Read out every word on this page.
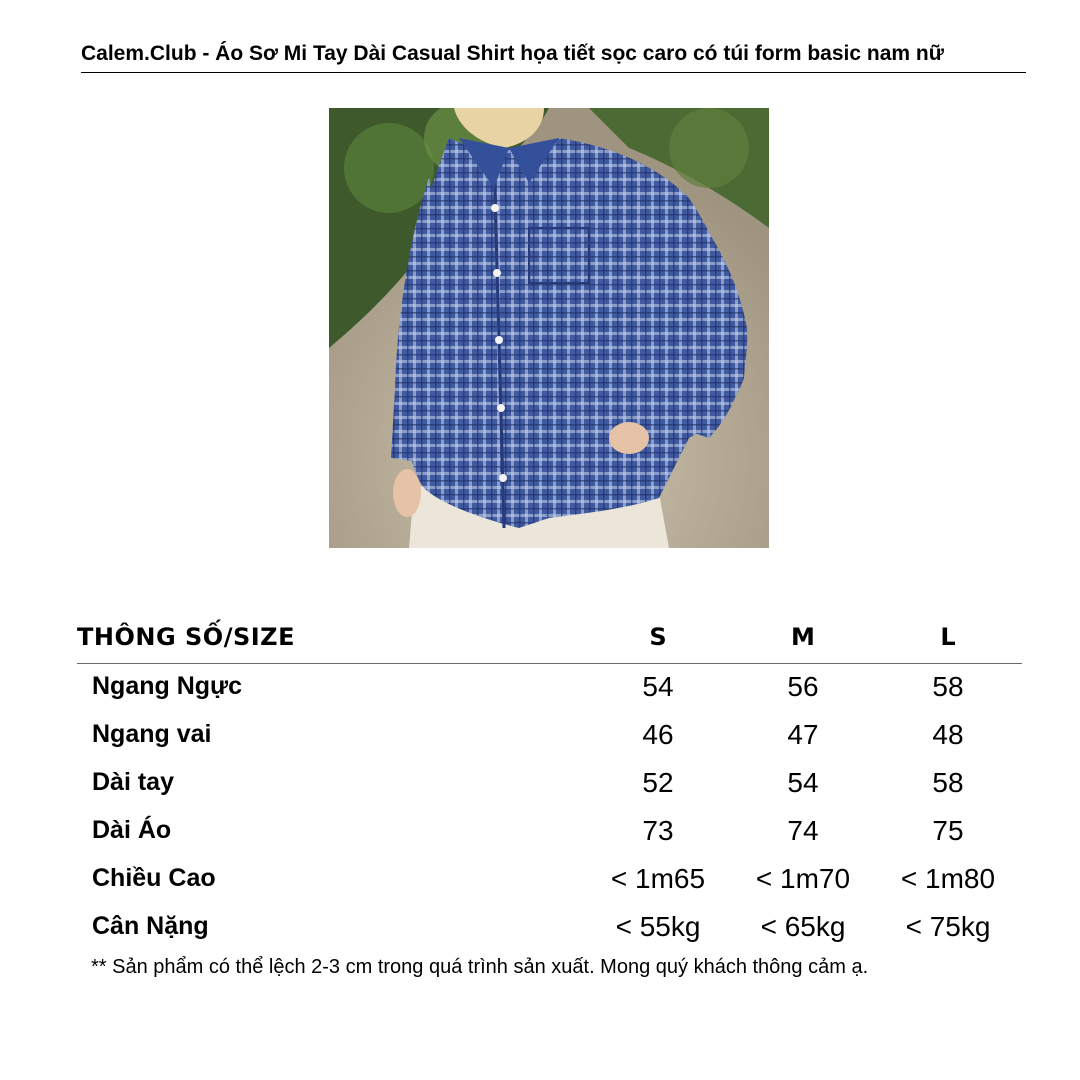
Calem.Club - Áo Sơ Mi Tay Dài Casual Shirt họa tiết sọc caro có túi form basic nam nữ
THÔNG SỐ/SIZE	S	M	L
Ngang Ngực	54	56	58
Ngang vai	46	47	48
Dài tay	52	54	58
Dài Áo	73	74	75
Chiều Cao	< 1m65	< 1m70	< 1m80
Cân Nặng	< 55kg	< 65kg	< 75kg
** Sản phẩm có thể lệch 2-3 cm trong quá trình sản xuất. Mong quý khách thông cảm ạ.
